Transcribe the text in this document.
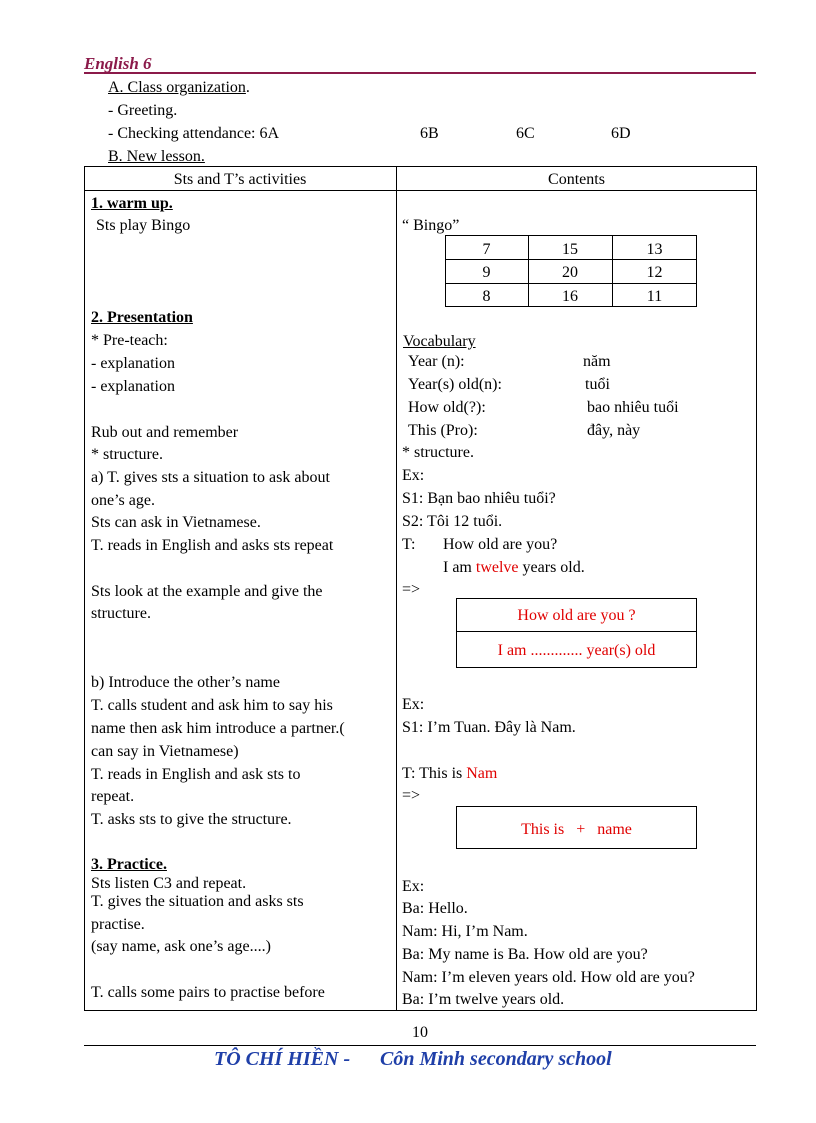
English 6
A. Class organization.
- Greeting.
- Checking attendance: 6A	6B	6C	6D
B. New lesson.
Sts and T’s activities	Contents
1. warm up.
Sts play Bingo	“ Bingo”
7	15	13
9	20	12
8	16	11
2. Presentation
* Pre-teach:
- explanation
- explanation
Rub out and remember
* structure.
a) T. gives sts a situation to ask about
one’s age.
Sts can ask in Vietnamese.
T. reads in English and asks sts repeat
Sts look at the example and give the
structure.
Vocabulary
Year (n):	năm
Year(s) old(n):	tuổi
How old(?):	bao nhiêu tuổi
This (Pro):	đây, này
* structure.
Ex:
S1: Bạn bao nhiêu tuổi?
S2: Tôi 12 tuổi.
T: How old are you?
I am twelve years old.
=>
How old are you ?
I am ............. year(s) old
b) Introduce the other’s name
T. calls student and ask him to say his
name then ask him introduce a partner.(
can say in Vietnamese)
T. reads in English and ask sts to
repeat.
T. asks sts to give the structure.
Ex:
S1: I’m Tuan. Đây là Nam.
T: This is Nam
=>
This is   +   name
3. Practice.
Sts listen C3 and repeat.
T. gives the situation and asks sts
practise.
(say name, ask one’s age....)
T. calls some pairs to practise before
Ex:
Ba: Hello.
Nam: Hi, I’m Nam.
Ba: My name is Ba. How old are you?
Nam: I’m eleven years old. How old are you?
Ba: I’m twelve years old.
10
TÔ CHÍ HIỀN - Côn Minh secondary school
